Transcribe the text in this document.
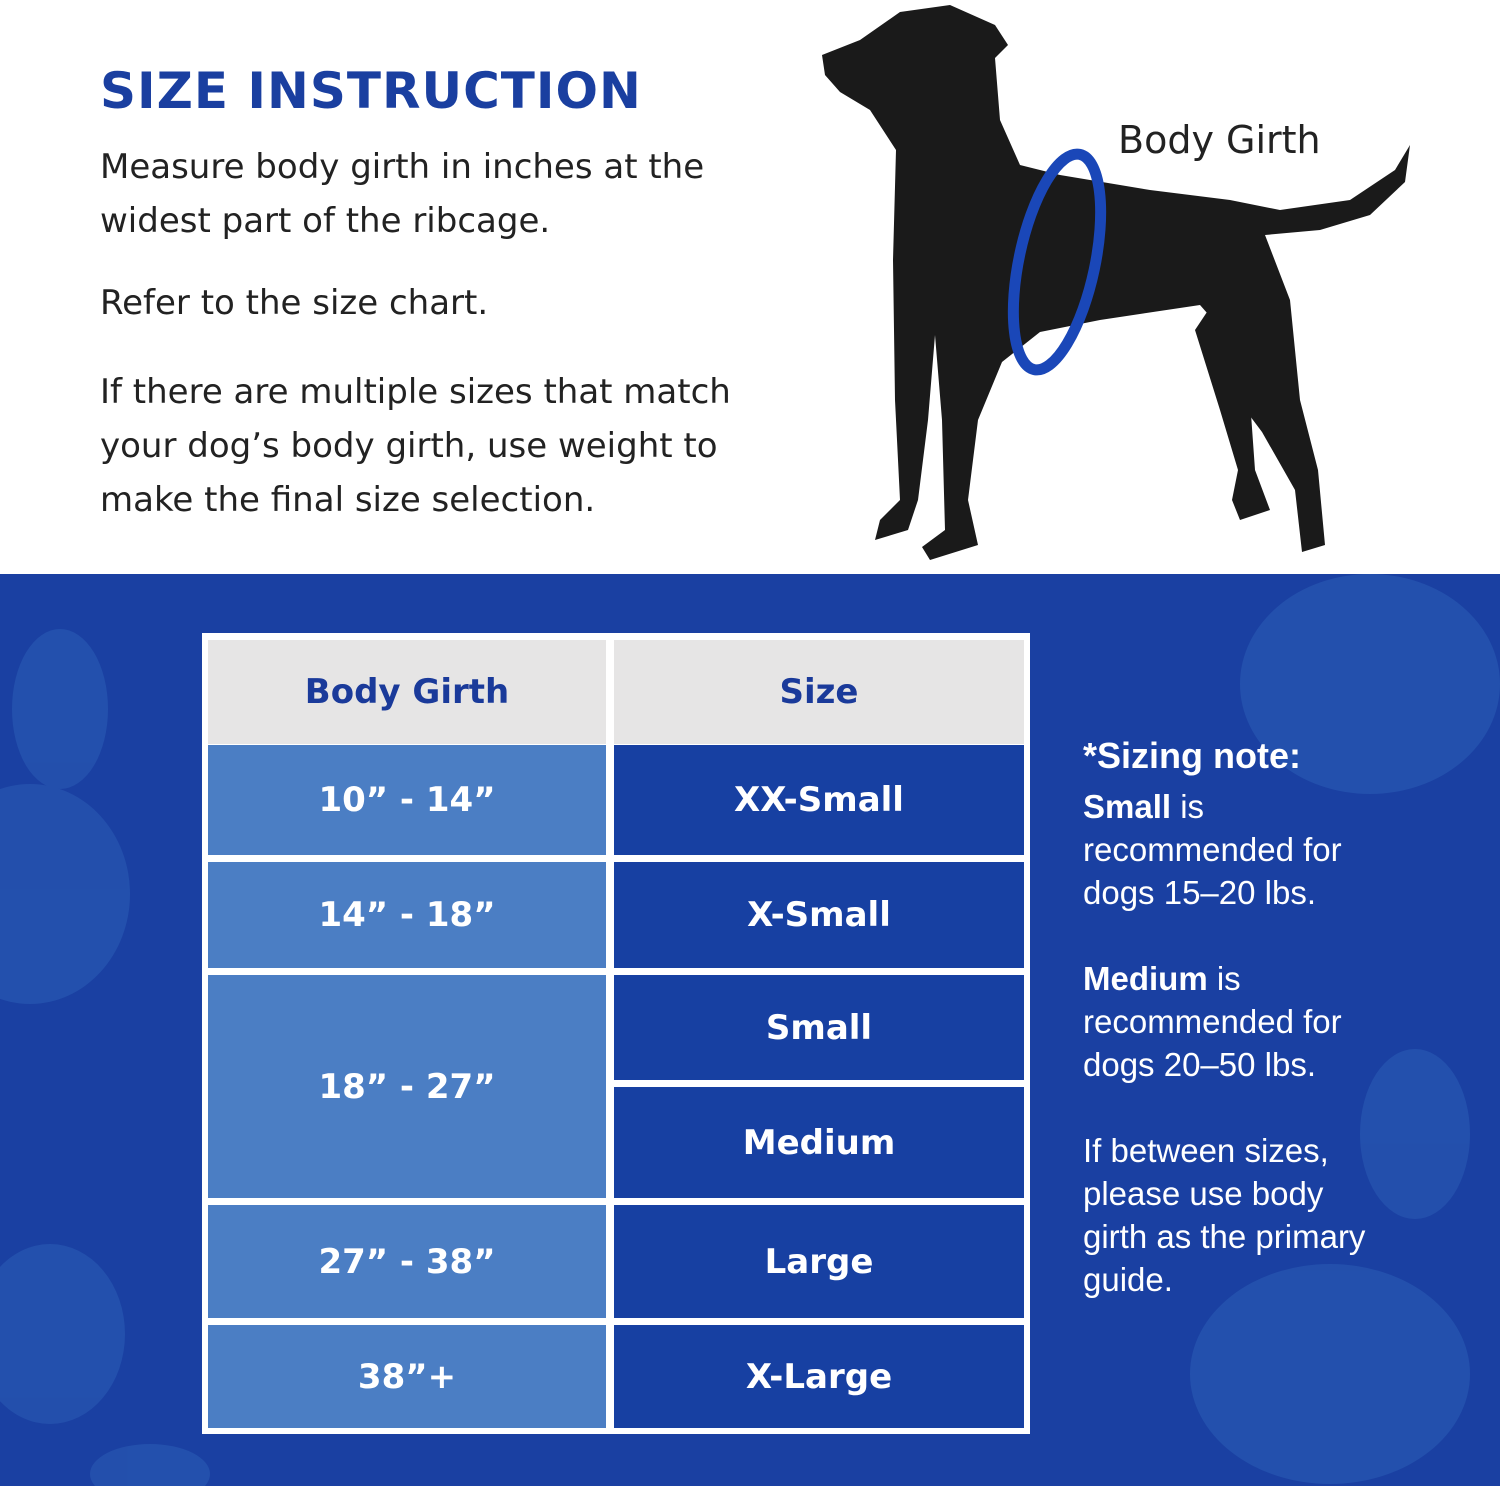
SIZE INSTRUCTION

Measure body girth in inches at the widest part of the ribcage.

Refer to the size chart.

If there are multiple sizes that match your dog’s body girth, use weight to make the final size selection.

Body Girth
Body Girth	Size
10” - 14”
14” - 18”
18” - 27”
27” - 38”
38”+
XX-Small
X-Small
Small
Medium
Large
X-Large
*Sizing note:

Small is recommended for dogs 15–20 lbs.

Medium is recommended for dogs 20–50 lbs.

If between sizes, please use body girth as the primary guide.
